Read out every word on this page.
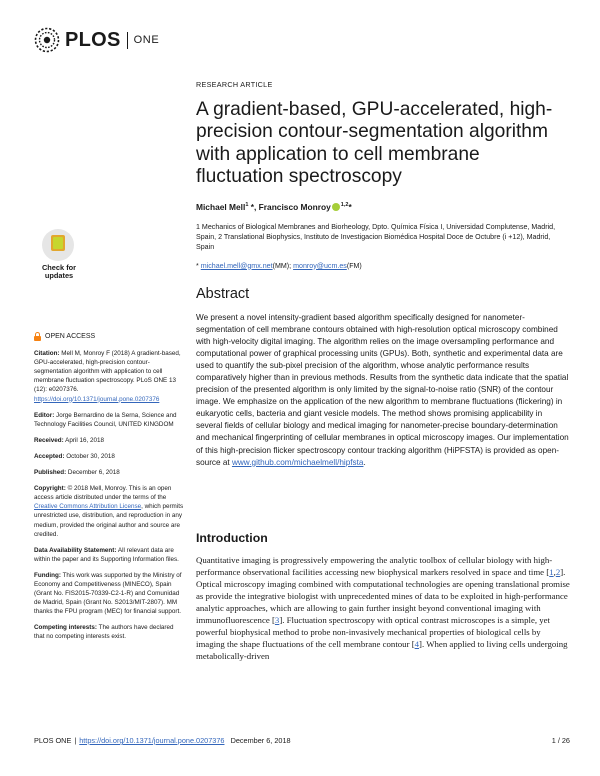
PLOS ONE
Check for
updates
RESEARCH ARTICLE
A gradient-based, GPU-accelerated, high-precision contour-segmentation algorithm with application to cell membrane fluctuation spectroscopy
Michael Mell$^1$ *, Francisco Monroy $^{1,2}$*
1 Mechanics of Biological Membranes and Biorheology, Dpto. Química Física I, Universidad Complutense, Madrid, Spain, 2 Translational Biophysics, Instituto de Investigacion Biomédica Hospital Doce de Octubre (i +12), Madrid, Spain
* michael.mell@gmx.net(MM); monroy@ucm.es(FM)
Abstract

We present a novel intensity-gradient based algorithm specifically designed for nanometer-segmentation of cell membrane contours obtained with high-resolution optical microscopy combined with high-velocity digital imaging. The algorithm relies on the image oversampling performance and computational power of graphical processing units (GPUs). Both, synthetic and experimental data are used to quantify the sub-pixel precision of the algorithm, whose analytic performance results comparatively higher than in previous methods. Results from the synthetic data indicate that the spatial precision of the presented algorithm is only limited by the signal-to-noise ratio (SNR) of the contour image. We emphasize on the application of the new algorithm to membrane fluctuations (flickering) in eukaryotic cells, bacteria and giant vesicle models. The method shows promising applicability in several fields of cellular biology and medical imaging for nanometer-precise boundary-determination and mechanical fingerprinting of cellular membranes in optical microscopy images. Our implementation of this high-precision flicker spectroscopy contour tracking algorithm (HiPFSTA) is provided as open-source at www.github.com/michaelmell/hipfsta.

Introduction

Quantitative imaging is progressively empowering the analytic toolbox of cellular biology with high-performance observational facilities accessing new biophysical markers resolved in space and time [1,2]. Optical microscopy imaging combined with computational technologies are opening translational promise as provide the integrative biologist with unprecedented mines of data to be exploited in high-performance analytic approaches, which are allowing to gain further insight beyond conventional imaging with immunofluorescence [3]. Fluctuation spectroscopy with optical contrast microscopes is a simple, yet powerful biophysical method to probe non-invasively mechanical properties of biological cells by imaging the shape fluctuations of the cell membrane contour [4]. When applied to living cells undergoing metabolically-driven

OPEN ACCESS

Citation: Mell M, Monroy F (2018) A gradient-based, GPU-accelerated, high-precision contour-segmentation algorithm with application to cell membrane fluctuation spectroscopy. PLoS ONE 13 (12): e0207376. https://doi.org/10.1371/journal.pone.0207376

Editor: Jorge Bernardino de la Serna, Science and Technology Facilities Council, UNITED KINGDOM

Received: April 16, 2018

Accepted: October 30, 2018

Published: December 6, 2018

Copyright: © 2018 Mell, Monroy. This is an open access article distributed under the terms of the Creative Commons Attribution License, which permits unrestricted use, distribution, and reproduction in any medium, provided the original author and source are credited.

Data Availability Statement: All relevant data are within the paper and its Supporting Information files.

Funding: This work was supported by the Ministry of Economy and Competitiveness (MINECO), Spain (Grant No. FIS2015-70339-C2-1-R) and Comunidad de Madrid, Spain (Grant No. S2013/MIT-2807). MM thanks the FPU program (MEC) for financial support.

Competing interests: The authors have declared that no competing interests exist.

PLOS ONE | https://doi.org/10.1371/journal.pone.0207376 December 6, 2018	1 / 26
